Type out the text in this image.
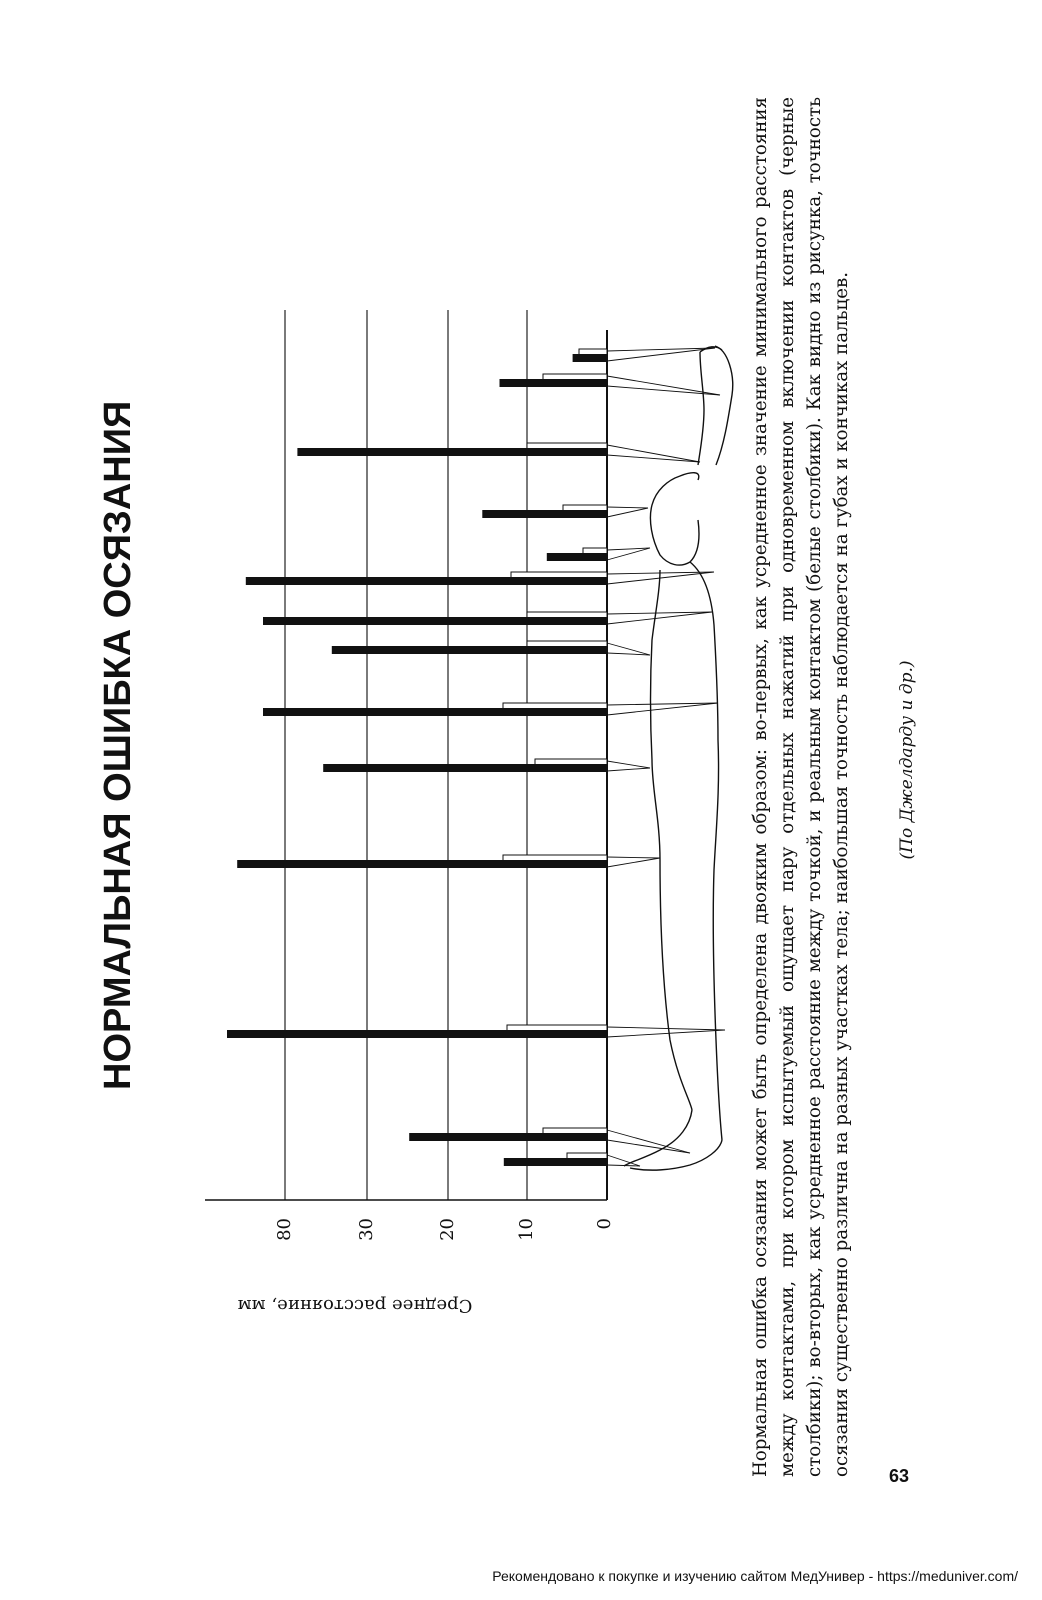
0
10
20
30
80
Среднее расстояние, мм
НОРМАЛЬНАЯ ОШИБКА ОСЯЗАНИЯ	Нормальная ошибка осязания может быть определена двояким образом: во-первых, как усредненное значение минимального расстояния между контактами, при котором испытуемый ощущает пару отдельных нажатий при одновременном включении контактов (черные столбики); во-вторых, как усредненное расстояние между точкой, и реальным контактом (белые столбики). Как видно из рисунка, точность осязания существенно различна на разных участках тела; наибольшая точность наблюдается на губах и кончиках пальцев.	(По Джелдарду и др.)
63
Рекомендовано к покупке и изучению сайтом МедУнивер - https://meduniver.com/
